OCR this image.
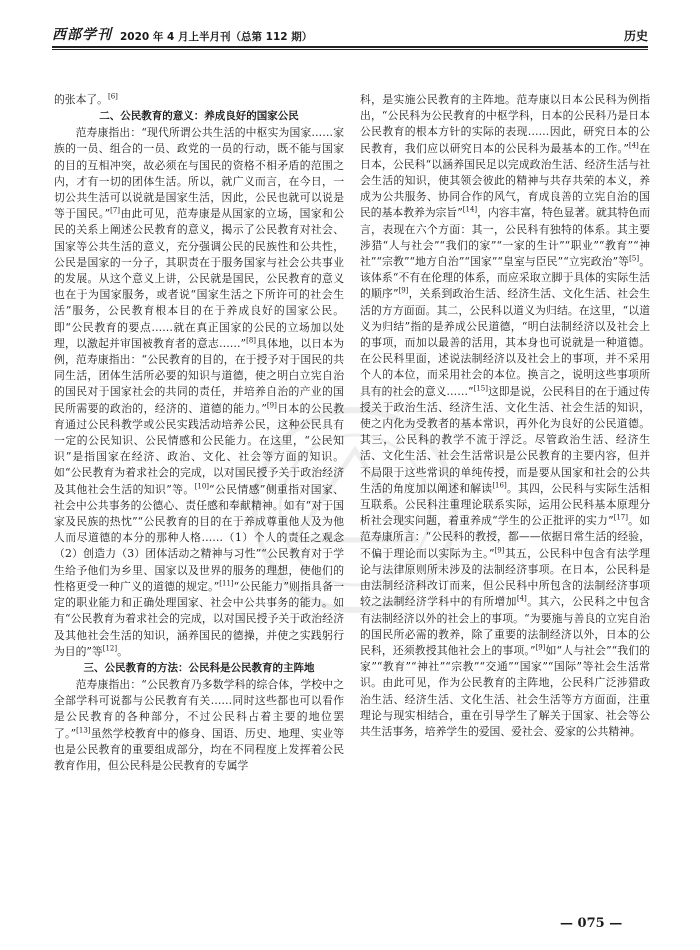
西部学刊 2020 年 4 月上半月刊（总第 112 期）	历史

的张本了。[6]

二、公民教育的意义：养成良好的国家公民

范寿康指出：“现代所谓公共生活的中枢实为国家……家族的一员、组合的一员、政党的一员的行动，既不能与国家的目的互相冲突，故必须在与国民的资格不相矛盾的范围之内，才有一切的团体生活。所以，就广义而言，在今日，一切公共生活可以说就是国家生活，因此，公民也就可以说是等于国民。”[7]由此可见，范寿康是从国家的立场，国家和公民的关系上阐述公民教育的意义，揭示了公民教育对社会、国家等公共生活的意义，充分强调公民的民族性和公共性，公民是国家的一分子，其职责在于服务国家与社会公共事业的发展。从这个意义上讲，公民就是国民，公民教育的意义也在于为国家服务，或者说“国家生活之下所许可的社会生活”服务，公民教育根本目的在于养成良好的国家公民。即“公民教育的要点……就在真正国家的公民的立场加以处理，以激起并审国被教育者的意志……”[8]具体地，以日本为例，范寿康指出：“公民教育的目的，在于授予对于国民的共同生活，团体生活所必要的知识与道德，使之明白立宪自治的国民对于国家社会的共同的责任，并培养自治的产业的国民所需要的政治的，经济的、道德的能力。”[9]日本的公民教育通过公民科教学或公民实践活动培养公民，这种公民具有一定的公民知识、公民情感和公民能力。在这里，“公民知识”是指国家在经济、政治、文化、社会等方面的知识。如“公民教育为着求社会的完成，以对国民授予关于政治经济及其他社会生活的知识”等。[10]“公民情感”侧重指对国家、社会中公共事务的公德心、责任感和奉献精神。如有“对于国家及民族的热忱”“公民教育的目的在于养成尊重他人及为他人而尽道德的本分的那种人格……（1）个人的责任之观念（2）创造力（3）团体活动之精神与习性”“公民教育对于学生给予他们为乡里、国家以及世界的服务的理想，使他们的性格更受一种广义的道德的规定。”[11]“公民能力”则指具备一定的职业能力和正确处理国家、社会中公共事务的能力。如有“公民教育为着求社会的完成，以对国民授予关于政治经济及其他社会生活的知识，涵养国民的德操，并使之实践躬行为目的”等[12]。

三、公民教育的方法：公民科是公民教育的主阵地

范寿康指出：“公民教育乃多数学科的综合体，学校中之全部学科可说都与公民教育有关……同时这些都也可以看作是公民教育的各种部分，不过公民科占着主要的地位罢了。”[13]虽然学校教育中的修身、国语、历史、地理、实业等也是公民教育的重要组成部分，均在不同程度上发挥着公民教育作用，但公民科是公民教育的专属学

科，是实施公民教育的主阵地。范寿康以日本公民科为例指出，“公民科为公民教育的中枢学科，日本的公民科乃是日本公民教育的根本方针的实际的表现……因此，研究日本的公民教育，我们应以研究日本的公民科为最基本的工作。”[4]在日本，公民科“以涵养国民足以完成政治生活、经济生活与社会生活的知识，使其领会彼此的精神与共存共荣的本义，养成为公共服务、协同合作的风气，育成良善的立宪自治的国民的基本教养为宗旨”[14]，内容丰富，特色显著。就其特色而言，表现在六个方面：其一，公民科有独特的体系。其主要涉猎“人与社会”“我们的家”“一家的生计”“职业”“教育”“神社”“宗教”“地方自治”“国家”“皇室与臣民”“立宪政治”等[5]。该体系“不有在伦理的体系，而应采取立脚于具体的实际生活的顺序”[9]，关系到政治生活、经济生活、文化生活、社会生活的方方面面。其二，公民科以道义为归结。在这里，“以道义为归结”指的是养成公民道德，“明白法制经济以及社会上的事项，而加以最善的活用，其本身也可说就是一种道德。在公民科里面，述说法制经济以及社会上的事项，并不采用个人的本位，而采用社会的本位。换言之，说明这些事项所具有的社会的意义……”[15]这即是说，公民科目的在于通过传授关于政治生活、经济生活、文化生活、社会生活的知识，使之内化为受教者的基本常识，再外化为良好的公民道德。其三，公民科的教学不流于浮泛。尽管政治生活、经济生活、文化生活、社会生活常识是公民教育的主要内容，但并不局限于这些常识的单纯传授，而是要从国家和社会的公共生活的角度加以阐述和解读[16]。其四，公民科与实际生活相互联系。公民科注重理论联系实际，运用公民科基本原理分析社会现实问题，着重养成“学生的公正批评的实力”[17]。如范寿康所言：“公民科的教授，都——依据日常生活的经验，不偏于理论而以实际为主。”[9]其五，公民科中包含有法学理论与法律原则所未涉及的法制经济事项。在日本，公民科是由法制经济科改订而来，但公民科中所包含的法制经济事项较之法制经济学科中的有所增加[4]。其六，公民科之中包含有法制经济以外的社会上的事项。“为要施与善良的立宪自治的国民所必需的教养，除了重要的法制经济以外，日本的公民科，还须教授其他社会上的事项。”[9]如“人与社会”“我们的家”“教育”“神社”“宗教”“交通”“国家”“国际”等社会生活常识。由此可见，作为公民教育的主阵地，公民科广泛涉猎政治生活、经济生活、文化生活、社会生活等方方面面，注重理论与现实相结合，重在引导学生了解关于国家、社会等公共生活事务，培养学生的爱国、爱社会、爱家的公共精神。

— 075 —
